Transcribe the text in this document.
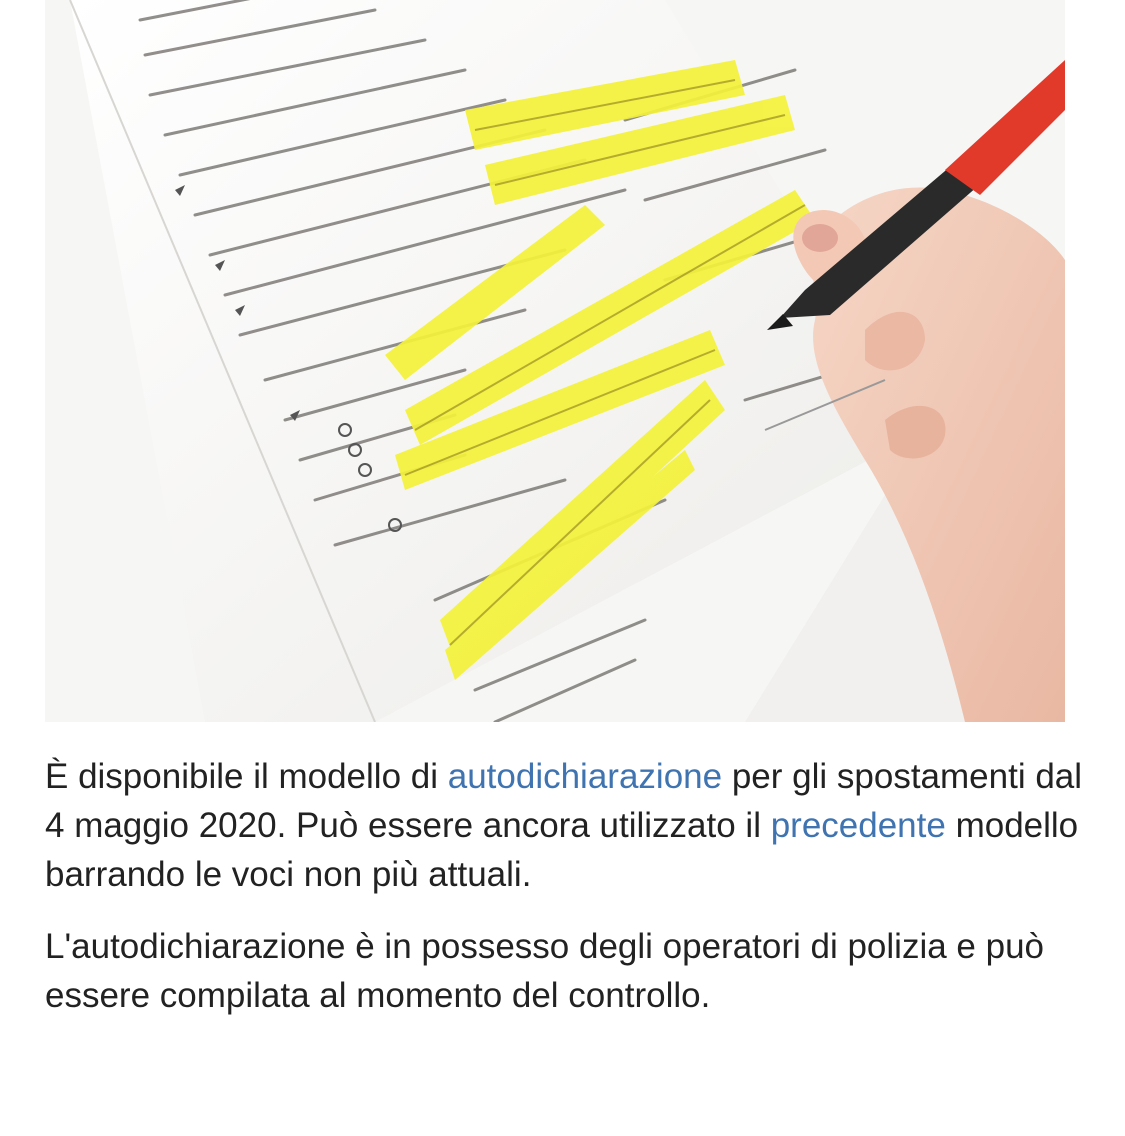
È disponibile il modello di autodichiarazione per gli spostamenti dal 4 maggio 2020. Può essere ancora utilizzato il precedente modello barrando le voci non più attuali.

L'autodichiarazione è in possesso degli operatori di polizia e può essere compilata al momento del controllo.
